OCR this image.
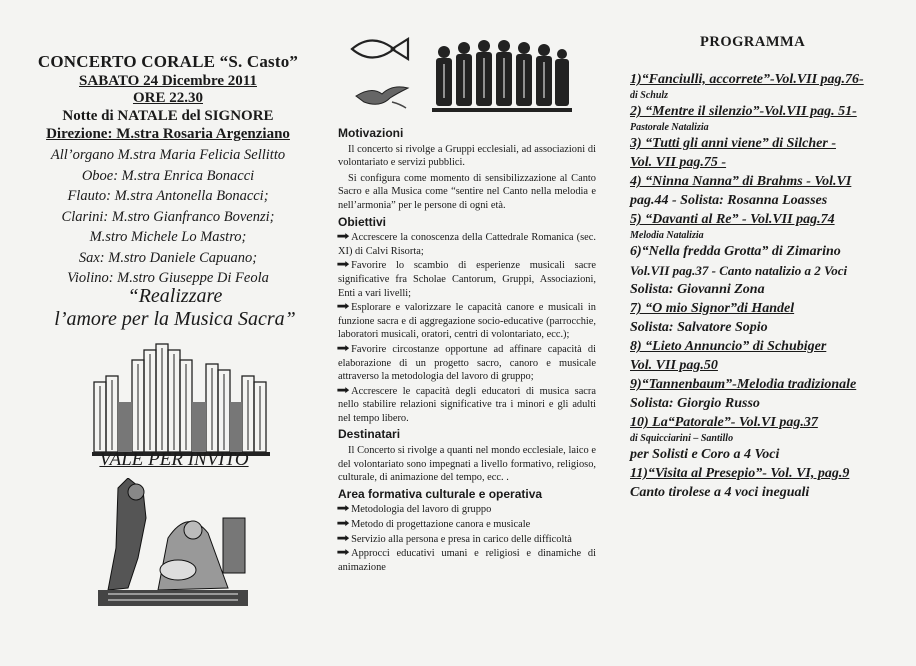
CONCERTO CORALE “S. Casto”
SABATO 24 Dicembre 2011
ORE 22.30
Notte di NATALE del SIGNORE
Direzione: M.stra Rosaria Argenziano
All’organo M.stra Maria Felicia Sellitto
Oboe: M.stra Enrica Bonacci
Flauto: M.stra Antonella Bonacci;
Clarini: M.stro Gianfranco Bovenzi;
M.stro Michele Lo Mastro;
Sax: M.stro Daniele Capuano;
Violino: M.stro Giuseppe Di Feola
“Realizzare
l’amore per la Musica Sacra”
VALE PER INVITO
Motivazioni

Il concerto si rivolge a Gruppi ecclesiali, ad associazioni di volontariato e servizi pubblici.

Si configura come momento di sensibilizzazione al Canto Sacro e alla Musica come “sentire nel Canto nella melodia e nell’armonia” per le persone di ogni età.

Obiettivi
➡Accrescere la conoscenza della Cattedrale Romanica (sec. XI) di Calvi Risorta;
➡Favorire lo scambio di esperienze musicali sacre significative fra Scholae Cantorum, Gruppi, Associazioni, Enti a vari livelli;
➡Esplorare e valorizzare le capacità canore e musicali in funzione sacra e di aggregazione socio-educative (parrocchie, laboratori musicali, oratori, centri di volontariato, ecc.);
➡Favorire circostanze opportune ad affinare capacità di elaborazione di un progetto sacro, canoro e musicale attraverso la metodologia del lavoro di gruppo;
➡Accrescere le capacità degli educatori di musica sacra nello stabilire relazioni significative tra i minori e gli adulti nel tempo libero.
Destinatari

Il Concerto si rivolge a quanti nel mondo ecclesiale, laico e del volontariato sono impegnati a livello formativo, religioso, culturale, di animazione del tempo, ecc. .

Area formativa culturale e operativa
➡Metodologia del lavoro di gruppo
➡Metodo di progettazione canora e musicale
➡Servizio alla persona e presa in carico delle difficoltà
➡Approcci educativi umani e religiosi e dinamiche di animazione
PROGRAMMA
1)“Fanciulli, accorrete”-Vol.VII pag.76-
di Schulz
2) “Mentre il silenzio”-Vol.VII pag. 51-
Pastorale Natalizia
3) “Tutti gli anni viene” di Silcher -
Vol. VII pag.75 -
4) “Ninna Nanna” di Brahms - Vol.VI
pag.44 - Solista: Rosanna Loasses
5) “Davanti al Re” - Vol.VII pag.74
Melodia Natalizia
6)“Nella fredda Grotta” di Zimarino
Vol.VII pag.37 - Canto natalizio a 2 Voci
Solista: Giovanni Zona
7) “O mio Signor”di Handel
Solista: Salvatore Sopio
8) “Lieto Annuncio” di Schubiger
Vol. VII pag.50
9)“Tannenbaum”-Melodia tradizionale
Solista: Giorgio Russo
10) La“Patorale”- Vol.VI pag.37
di Squicciarini – Santillo
per Solisti e Coro a 4 Voci
11)“Visita al Presepio”- Vol. VI, pag.9
Canto tirolese a 4 voci ineguali
